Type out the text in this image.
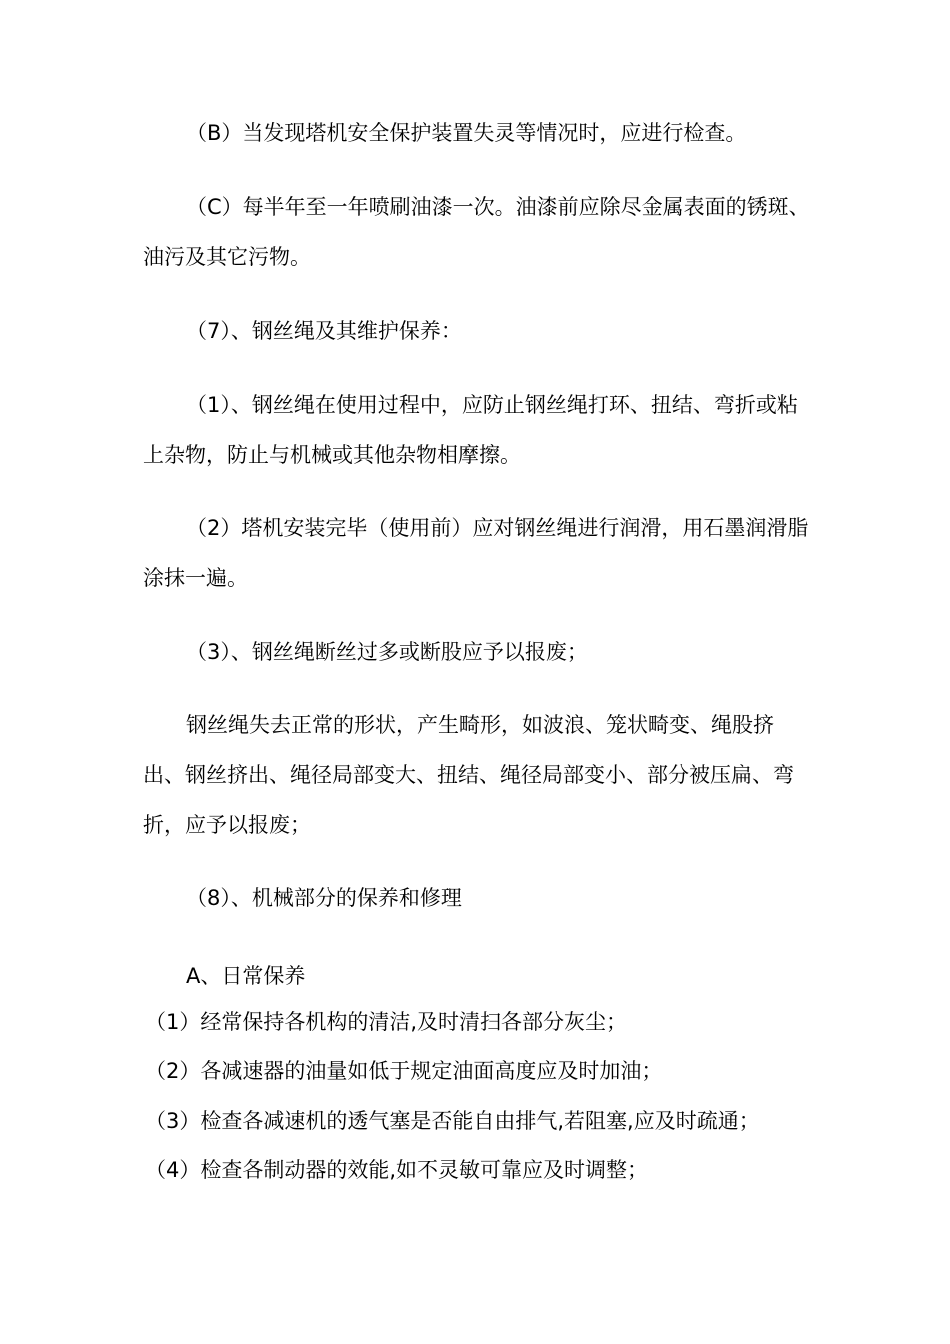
（B）当发现塔机安全保护装置失灵等情况时，应进行检查。

（C）每半年至一年喷刷油漆一次。油漆前应除尽金属表面的锈斑、油污及其它污物。

（7）、钢丝绳及其维护保养：

（1）、钢丝绳在使用过程中，应防止钢丝绳打环、扭结、弯折或粘上杂物，防止与机械或其他杂物相摩擦。

（2）塔机安装完毕（使用前）应对钢丝绳进行润滑，用石墨润滑脂涂抹一遍。

（3）、钢丝绳断丝过多或断股应予以报废；

钢丝绳失去正常的形状，产生畸形，如波浪、笼状畸变、绳股挤出、钢丝挤出、绳径局部变大、扭结、绳径局部变小、部分被压扁、弯折，应予以报废；

（8）、机械部分的保养和修理

A、日常保养

（1）经常保持各机构的清洁,及时清扫各部分灰尘；

（2）各减速器的油量如低于规定油面高度应及时加油；

（3）检查各减速机的透气塞是否能自由排气,若阻塞,应及时疏通；

（4）检查各制动器的效能,如不灵敏可靠应及时调整；
